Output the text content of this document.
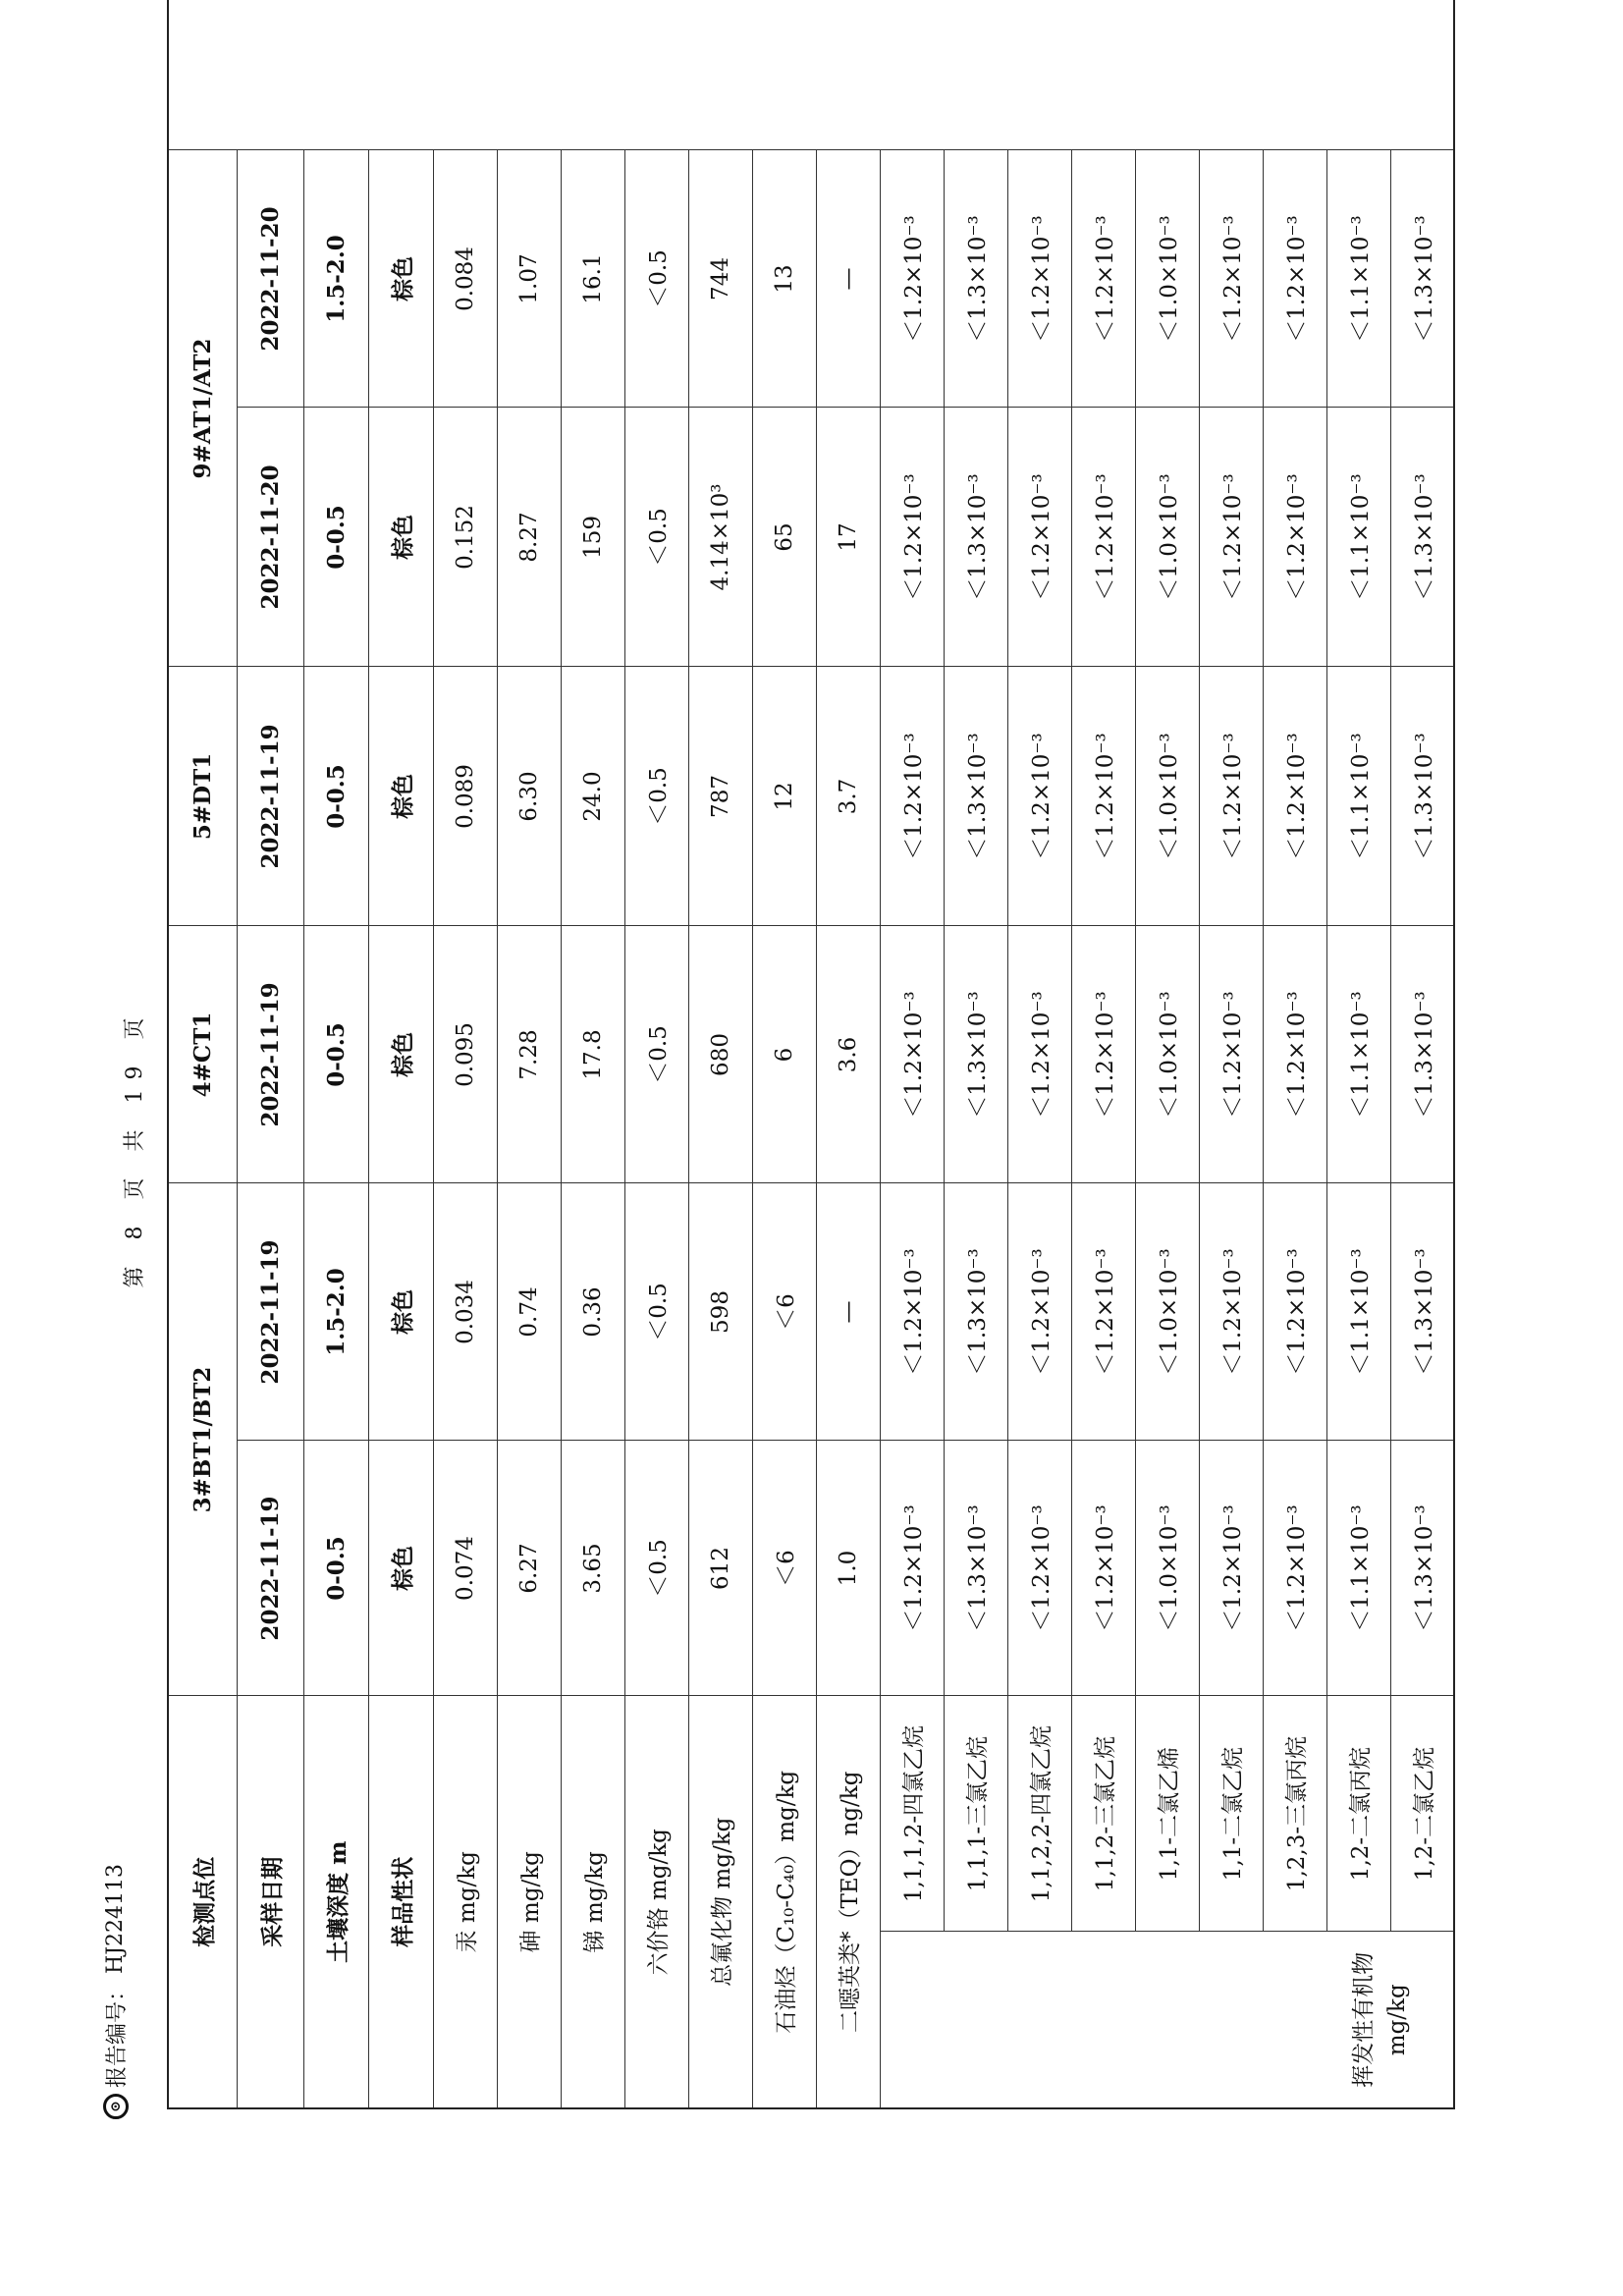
⊙
报告编号：
HJ224113
第 8 页 共 19 页
检测点位		3#BT1/BT2		4#CT1	5#DT1	9#AT1/AT2	
采样日期		2022-11-19	2022-11-19	2022-11-19	2022-11-19	2022-11-20	2022-11-20
土壤深度 m		0-0.5	1.5-2.0	0-0.5	0-0.5	0-0.5	1.5-2.0
样品性状		棕色	棕色	棕色	棕色	棕色	棕色
汞 mg/kg		0.074	0.034	0.095	0.089	0.152	0.084
砷 mg/kg		6.27	0.74	7.28	6.30	8.27	1.07
锑 mg/kg		3.65	0.36	17.8	24.0	159	16.1
六价铬 mg/kg		＜0.5	＜0.5	＜0.5	＜0.5	＜0.5	＜0.5
总氟化物 mg/kg		612	598	680	787	4.14×10³	744
石油烃（C₁₀-C₄₀）mg/kg		＜6	＜6	6	12	65	13
二噁英类*（TEQ）ng/kg		1.0	—	3.6	3.7	17	—
挥发性有机物 mg/kg	1,1,1,2-四氯乙烷	＜1.2×10⁻³	＜1.2×10⁻³	＜1.2×10⁻³	＜1.2×10⁻³	＜1.2×10⁻³	＜1.2×10⁻³
	1,1,1-三氯乙烷	＜1.3×10⁻³	＜1.3×10⁻³	＜1.3×10⁻³	＜1.3×10⁻³	＜1.3×10⁻³	＜1.3×10⁻³
	1,1,2,2-四氯乙烷	＜1.2×10⁻³	＜1.2×10⁻³	＜1.2×10⁻³	＜1.2×10⁻³	＜1.2×10⁻³	＜1.2×10⁻³
	1,1,2-三氯乙烷	＜1.2×10⁻³	＜1.2×10⁻³	＜1.2×10⁻³	＜1.2×10⁻³	＜1.2×10⁻³	＜1.2×10⁻³
	1,1-二氯乙烯	＜1.0×10⁻³	＜1.0×10⁻³	＜1.0×10⁻³	＜1.0×10⁻³	＜1.0×10⁻³	＜1.0×10⁻³
	1,1-二氯乙烷	＜1.2×10⁻³	＜1.2×10⁻³	＜1.2×10⁻³	＜1.2×10⁻³	＜1.2×10⁻³	＜1.2×10⁻³
	1,2,3-三氯丙烷	＜1.2×10⁻³	＜1.2×10⁻³	＜1.2×10⁻³	＜1.2×10⁻³	＜1.2×10⁻³	＜1.2×10⁻³
	1,2-二氯丙烷	＜1.1×10⁻³	＜1.1×10⁻³	＜1.1×10⁻³	＜1.1×10⁻³	＜1.1×10⁻³	＜1.1×10⁻³
	1,2-二氯乙烷	＜1.3×10⁻³	＜1.3×10⁻³	＜1.3×10⁻³	＜1.3×10⁻³	＜1.3×10⁻³	＜1.3×10⁻³
